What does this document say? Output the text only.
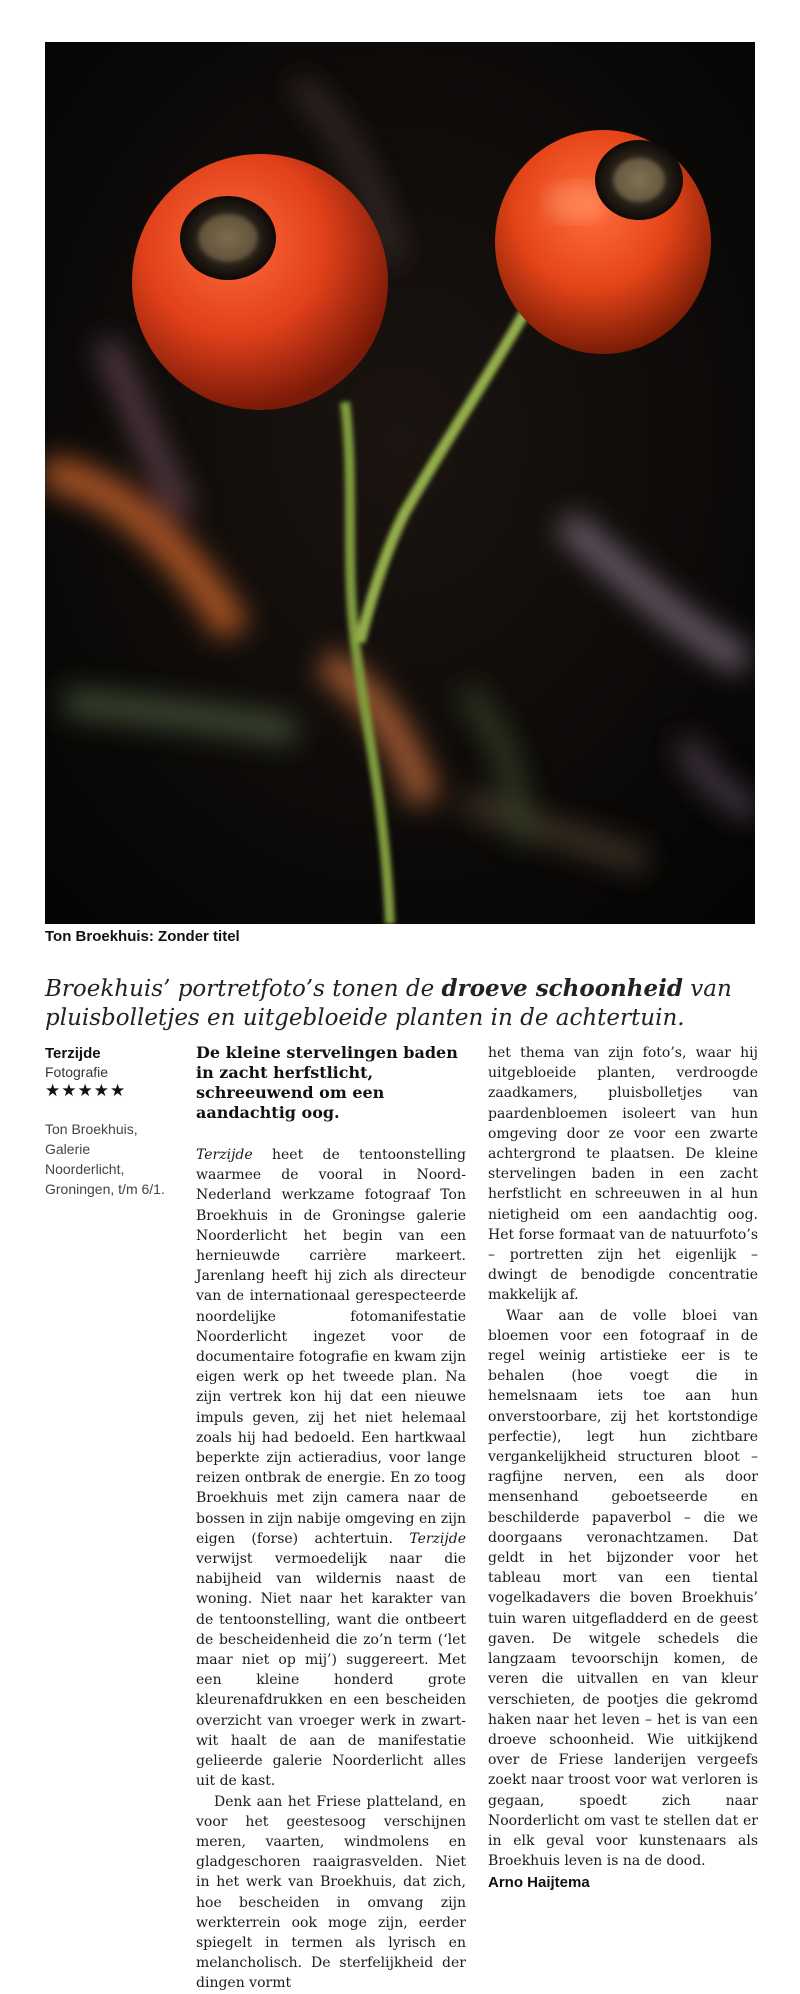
Ton Broekhuis: Zonder titel
Broekhuis’ portretfoto’s tonen de droeve schoonheid van pluisbolletjes en uitgebloeide planten in de achtertuin.
Terzijde
Fotografie
★★★★★
Ton Broekhuis,
Galerie
Noorderlicht,
Groningen, t/m 6/1.
De kleine stervelingen baden in zacht herfstlicht, schreeuwend om een aandachtig oog.

Terzijde heet de tentoonstelling waarmee de vooral in Noord-Nederland werkzame fotograaf Ton Broekhuis in de Groningse galerie Noorderlicht het begin van een hernieuwde carrière markeert. Jarenlang heeft hij zich als directeur van de internationaal gerespecteerde noordelijke fotomanifestatie Noorderlicht ingezet voor de documentaire fotografie en kwam zijn eigen werk op het tweede plan. Na zijn vertrek kon hij dat een nieuwe impuls geven, zij het niet helemaal zoals hij had bedoeld. Een hartkwaal beperkte zijn actieradius, voor lange reizen ontbrak de energie. En zo toog Broekhuis met zijn camera naar de bossen in zijn nabije omgeving en zijn eigen (forse) achtertuin. Terzijde verwijst vermoedelijk naar die nabijheid van wildernis naast de woning. Niet naar het karakter van de tentoonstelling, want die ontbeert de bescheidenheid die zo’n term (‘let maar niet op mij’) suggereert. Met een kleine honderd grote kleurenafdrukken en een bescheiden overzicht van vroeger werk in zwart-wit haalt de aan de manifestatie gelieerde galerie Noorderlicht alles uit de kast.

Denk aan het Friese platteland, en voor het geestesoog verschijnen meren, vaarten, windmolens en gladgeschoren raaigrasvelden. Niet in het werk van Broekhuis, dat zich, hoe bescheiden in omvang zijn werkterrein ook moge zijn, eerder spiegelt in termen als lyrisch en melancholisch. De sterfelijkheid der dingen vormt

het thema van zijn foto’s, waar hij uitgebloeide planten, verdroogde zaadkamers, pluisbolletjes van paardenbloemen isoleert van hun omgeving door ze voor een zwarte achtergrond te plaatsen. De kleine stervelingen baden in een zacht herfstlicht en schreeuwen in al hun nietigheid om een aandachtig oog. Het forse formaat van de natuurfoto’s – portretten zijn het eigenlijk – dwingt de benodigde concentratie makkelijk af.

Waar aan de volle bloei van bloemen voor een fotograaf in de regel weinig artistieke eer is te behalen (hoe voegt die in hemelsnaam iets toe aan hun onverstoorbare, zij het kortstondige perfectie), legt hun zichtbare vergankelijkheid structuren bloot – ragfijne nerven, een als door mensenhand geboetseerde en beschilderde papaverbol – die we doorgaans veronachtzamen. Dat geldt in het bijzonder voor het tableau mort van een tiental vogelkadavers die boven Broekhuis’ tuin waren uitgefladderd en de geest gaven. De witgele schedels die langzaam tevoorschijn komen, de veren die uitvallen en van kleur verschieten, de pootjes die gekromd haken naar het leven – het is van een droeve schoonheid. Wie uitkijkend over de Friese landerijen vergeefs zoekt naar troost voor wat verloren is gegaan, spoedt zich naar Noorderlicht om vast te stellen dat er in elk geval voor kunstenaars als Broekhuis leven is na de dood.

Arno Haijtema
